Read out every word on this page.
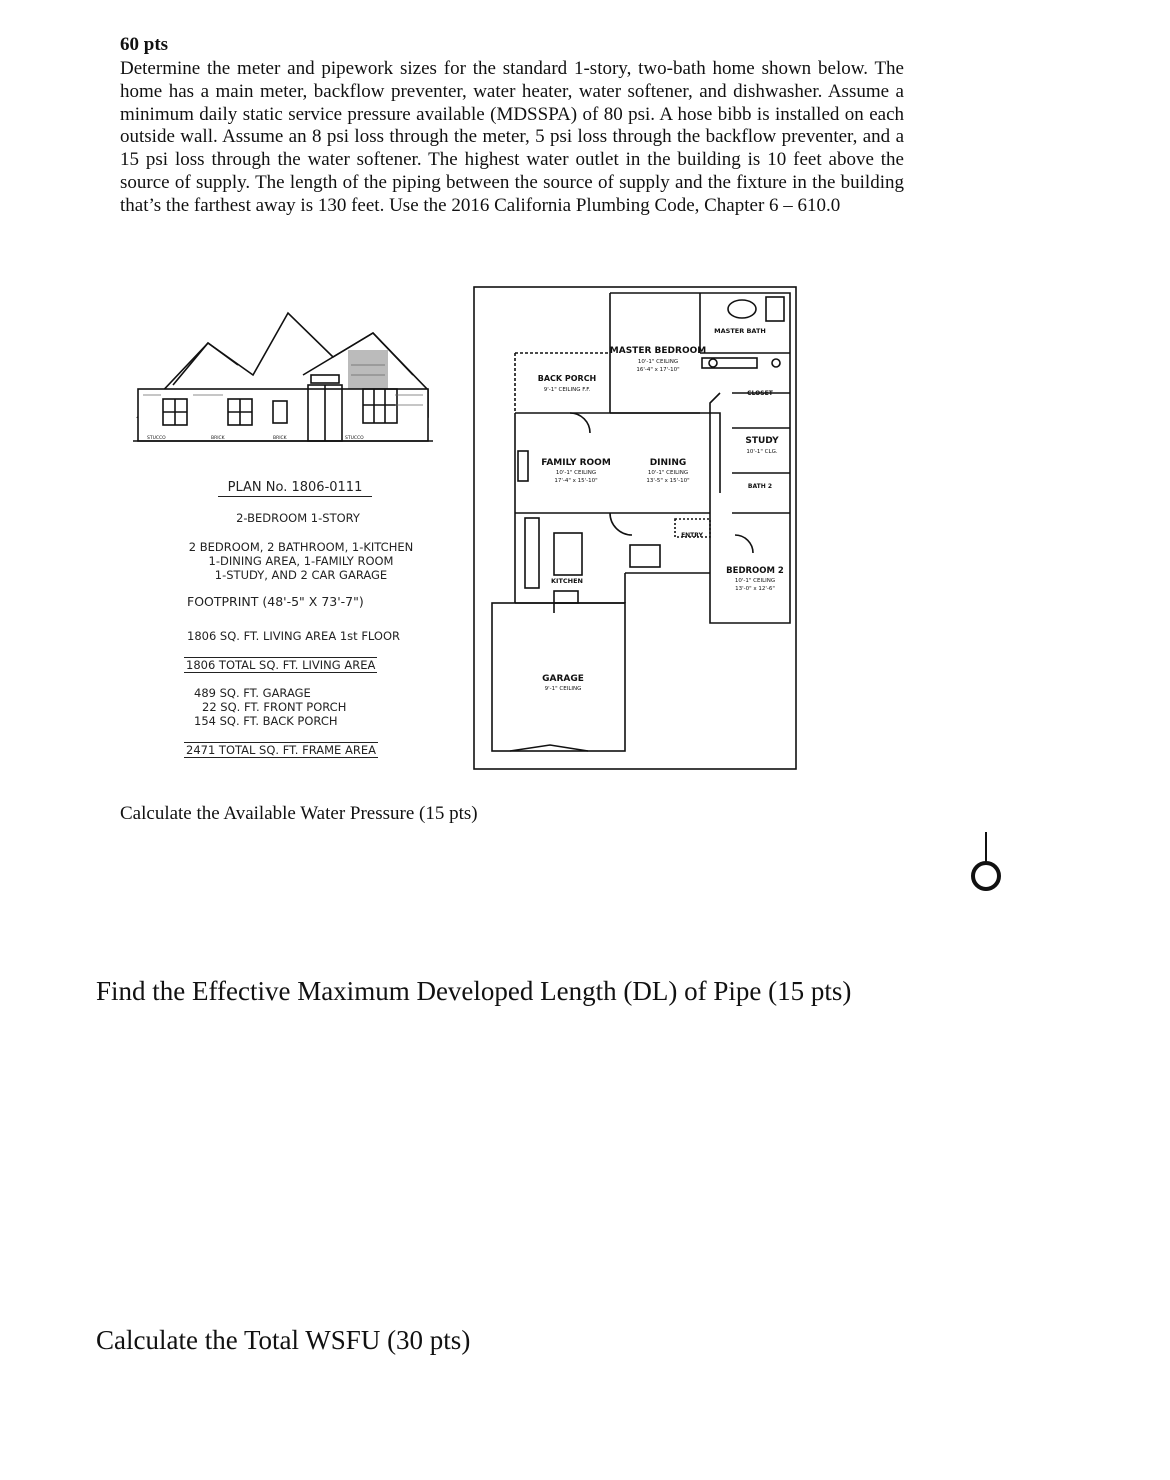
60 pts
Determine the meter and pipework sizes for the standard 1-story, two-bath home shown below. The home has a main meter, backflow preventer, water heater, water softener, and dishwasher. Assume a minimum daily static service pressure available (MDSSPA) of 80 psi. A hose bibb is installed on each outside wall. Assume an 8 psi loss through the meter, 5 psi loss through the backflow preventer, and a 15 psi loss through the water softener. The highest water outlet in the building is 10 feet above the source of supply. The length of the piping between the source of supply and the fixture in the building that’s the farthest away is 130 feet. Use the 2016 California Plumbing Code, Chapter 6 – 610.0
STUCCO	BRICK	BRICK	STUCCO
PLAN No. 1806-0111
2-BEDROOM 1-STORY
2 BEDROOM, 2 BATHROOM, 1-KITCHEN
1-DINING AREA, 1-FAMILY ROOM
1-STUDY, AND 2 CAR GARAGE
FOOTPRINT (48'-5" X 73'-7")
1806 SQ. FT. LIVING AREA 1st FLOOR
1806 TOTAL SQ. FT. LIVING AREA
489 SQ. FT. GARAGE
22 SQ. FT. FRONT PORCH
154 SQ. FT. BACK PORCH
2471 TOTAL SQ. FT. FRAME AREA
MASTER BATH
MASTER BEDROOM
10'-1" CEILING
16'-4" x 17'-10"
BACK PORCH
9'-1" CEILING F.F.	CLOSET
STUDY
10'-1" CLG.
FAMILY ROOM
10'-1" CEILING
17'-4" x 15'-10"
DINING
10'-1" CEILING
13'-5" x 15'-10"
BATH 2
ENTRY
KITCHEN
BEDROOM 2
10'-1" CEILING
13'-0" x 12'-6"
GARAGE
9'-1" CEILING
Calculate the Available Water Pressure (15 pts)
Find the Effective Maximum Developed Length (DL) of Pipe (15 pts)
Calculate the Total WSFU (30 pts)
